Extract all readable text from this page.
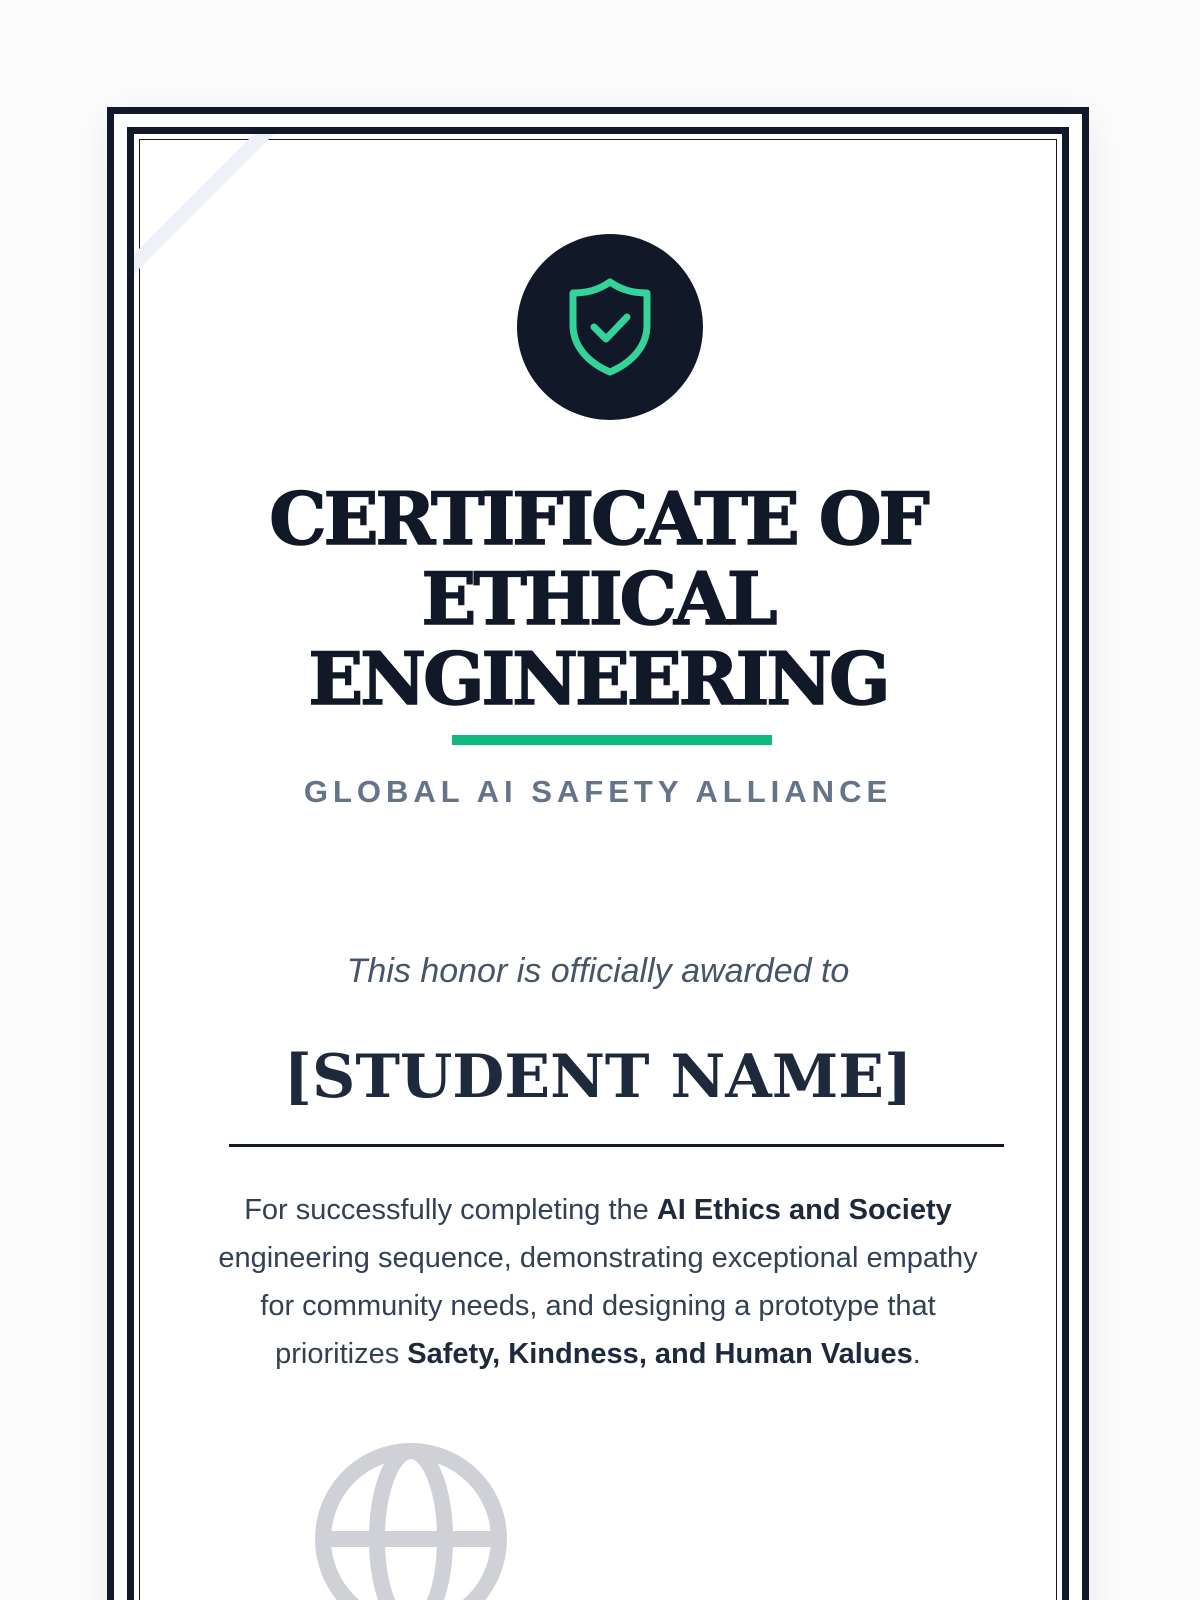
CERTIFICATE OF
ETHICAL
ENGINEERING
GLOBAL AI SAFETY ALLIANCE
This honor is officially awarded to
[STUDENT NAME]

For successfully completing the AI Ethics and Society engineering sequence, demonstrating exceptional empathy for community needs, and designing a prototype that prioritizes Safety, Kindness, and Human Values.
